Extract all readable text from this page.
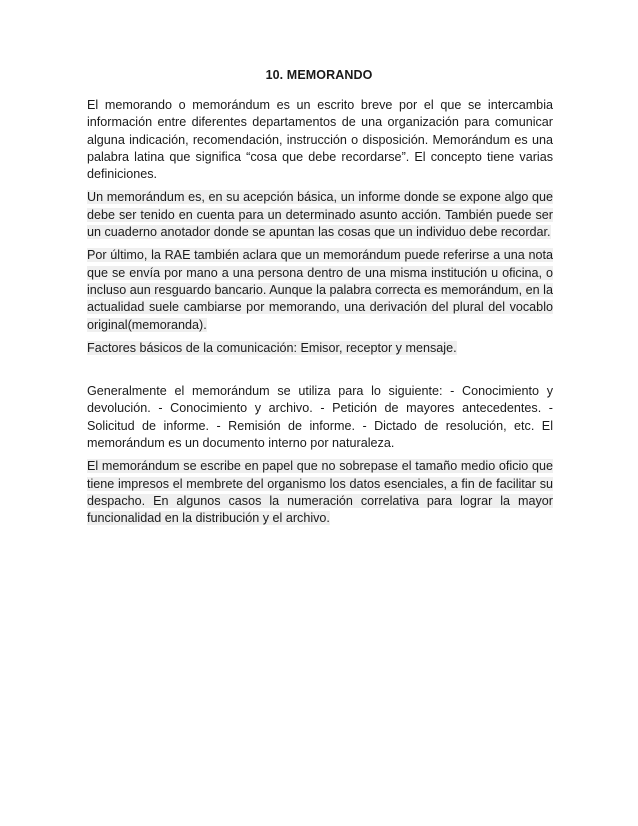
10. MEMORANDO

El memorando o memorándum es un escrito breve por el que se intercambia información entre diferentes departamentos de una organización para comunicar alguna indicación, recomendación, instrucción o disposición. Memorándum es una palabra latina que significa “cosa que debe recordarse”. El concepto tiene varias definiciones.

Un memorándum es, en su acepción básica, un informe donde se expone algo que debe ser tenido en cuenta para un determinado asunto acción. También puede ser un cuaderno anotador donde se apuntan las cosas que un individuo debe recordar.

Por último, la RAE también aclara que un memorándum puede referirse a una nota que se envía por mano a una persona dentro de una misma institución u oficina, o incluso aun resguardo bancario. Aunque la palabra correcta es memorándum, en la actualidad suele cambiarse por memorando, una derivación del plural del vocablo original(memoranda).

Factores básicos de la comunicación: Emisor, receptor y mensaje.

Generalmente el memorándum se utiliza para lo siguiente: - Conocimiento y devolución. - Conocimiento y archivo. - Petición de mayores antecedentes. - Solicitud de informe. - Remisión de informe. - Dictado de resolución, etc. El memorándum es un documento interno por naturaleza.

El memorándum se escribe en papel que no sobrepase el tamaño medio oficio que tiene impresos el membrete del organismo los datos esenciales, a fin de facilitar su despacho. En algunos casos la numeración correlativa para lograr la mayor funcionalidad en la distribución y el archivo.
